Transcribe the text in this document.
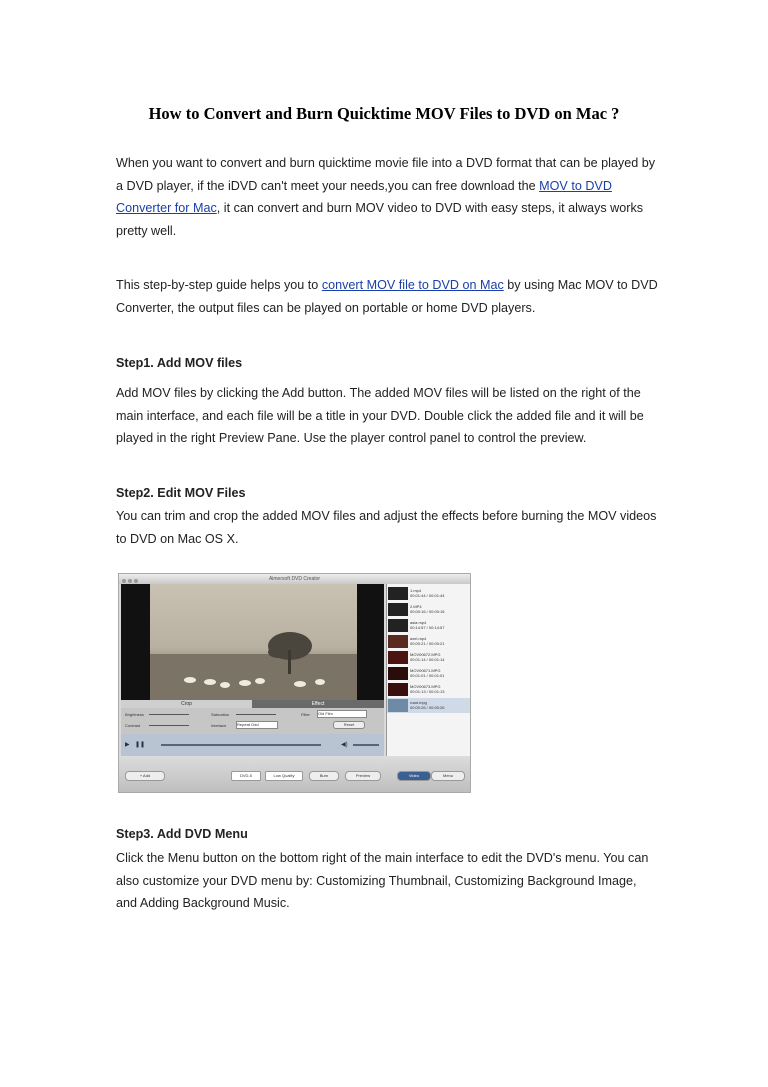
How to Convert and Burn Quicktime MOV Files to DVD on Mac ?
When you want to convert and burn quicktime movie file into a DVD format that can be played by a DVD player, if the iDVD can't meet your needs,you can free download the MOV to DVD Converter for Mac, it can convert and burn MOV video to DVD with easy steps, it always works pretty well.
This step-by-step guide helps you to convert MOV file to DVD on Mac by using Mac MOV to DVD Converter, the output files can be played on portable or home DVD players.
Step1. Add MOV files
Add MOV files by clicking the Add button. The added MOV files will be listed on the right of the main interface, and each file will be a title in your DVD. Double click the added file and it will be played in the right Preview Pane. Use the player control panel to control the preview.
Step2. Edit MOV Files
You can trim and crop the added MOV files and adjust the effects before burning the MOV videos to DVD on Mac OS X.
Aimersoft DVD Creator
1.mp4
00:01:44 / 00:01:44
2.MP4
00:00:16 / 00:00:16
asia.mp4
00:14:57 / 00:14:57
axel.mp4
00:00:21 / 00:00:21
MOV00672.MPG
00:01:14 / 00:01:14
MOV00671.MPG
00:01:01 / 00:01:01
MOV00673.MPG
00:01:13 / 00:01:13
road.mpg
00:00:26 / 00:00:26
Crop	Effect
Brightness	Saturation	Filter Old Film
Contrast	Interlace	Repeat Odd	Reset
▶ ❚❚	◀)
+ Add	DVD-5	Low Quality	Burn	Preview	Video	Menu
Step3. Add DVD Menu
Click the Menu button on the bottom right of the main interface to edit the DVD's menu. You can also customize your DVD menu by: Customizing Thumbnail, Customizing Background Image, and Adding Background Music.
